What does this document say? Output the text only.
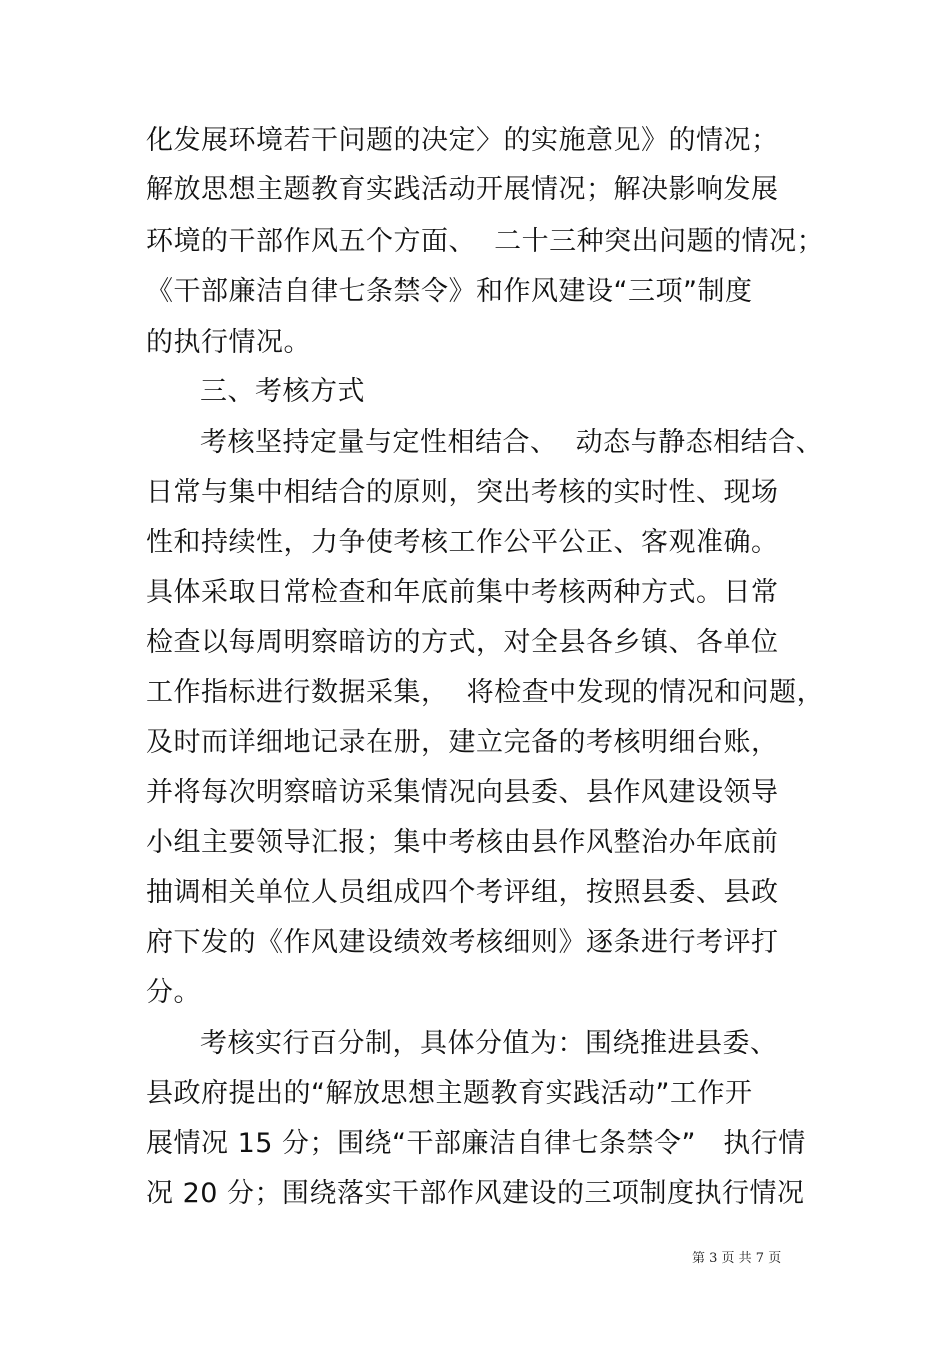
化发展环境若干问题的决定〉的实施意见》的情况；
解放思想主题教育实践活动开展情况；解决影响发展
环境的干部作风五个方面、  二十三种突出问题的情况；
《干部廉洁自律七条禁令》和作风建设“三项”制度
的执行情况。
三、考核方式
考核坚持定量与定性相结合、  动态与静态相结合、
日常与集中相结合的原则，突出考核的实时性、现场
性和持续性，力争使考核工作公平公正、客观准确。
具体采取日常检查和年底前集中考核两种方式。日常
检查以每周明察暗访的方式，对全县各乡镇、各单位
工作指标进行数据采集，  将检查中发现的情况和问题，
及时而详细地记录在册，建立完备的考核明细台账，
并将每次明察暗访采集情况向县委、县作风建设领导
小组主要领导汇报；集中考核由县作风整治办年底前
抽调相关单位人员组成四个考评组，按照县委、县政
府下发的《作风建设绩效考核细则》逐条进行考评打
分。
考核实行百分制，具体分值为：围绕推进县委、
县政府提出的“解放思想主题教育实践活动”工作开
展情况 15 分；围绕“干部廉洁自律七条禁令”   执行情
况 20 分；围绕落实干部作风建设的三项制度执行情况
第 3 页 共 7 页
